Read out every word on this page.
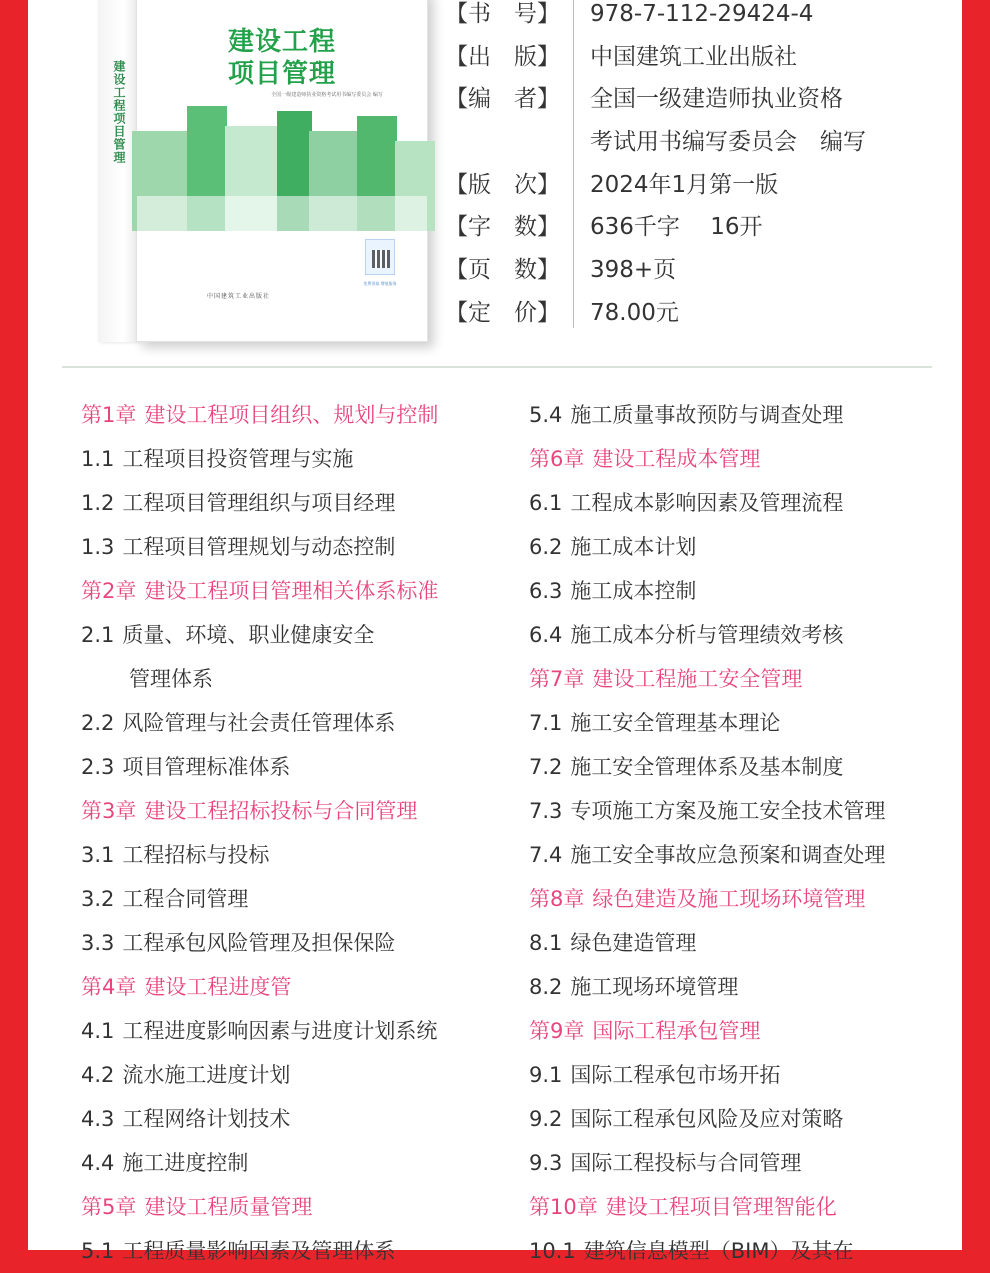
建设工程项目管理
建设工程
项目管理
全国一级建造师执业资格考试用书编写委员会 编写
免费领取 增值服务
中国建筑工业出版社
【书　号】 978-7-112-29424-4
【出　版】 中国建筑工业出版社
【编　者】 全国一级建造师执业资格
考试用书编写委员会　编写
【版　次】 2024年1月第一版
【字　数】 636千字　 16开
【页　数】 398+页
【定　价】 78.00元
第1章 建设工程项目组织、规划与控制
1.1 工程项目投资管理与实施
1.2 工程项目管理组织与项目经理
1.3 工程项目管理规划与动态控制
第2章 建设工程项目管理相关体系标准
2.1 质量、环境、职业健康安全
管理体系
2.2 风险管理与社会责任管理体系
2.3 项目管理标准体系
第3章 建设工程招标投标与合同管理
3.1 工程招标与投标
3.2 工程合同管理
3.3 工程承包风险管理及担保保险
第4章 建设工程进度管
4.1 工程进度影响因素与进度计划系统
4.2 流水施工进度计划
4.3 工程网络计划技术
4.4 施工进度控制
第5章 建设工程质量管理
5.1 工程质量影响因素及管理体系
5.4 施工质量事故预防与调查处理
第6章 建设工程成本管理
6.1 工程成本影响因素及管理流程
6.2 施工成本计划
6.3 施工成本控制
6.4 施工成本分析与管理绩效考核
第7章 建设工程施工安全管理
7.1 施工安全管理基本理论
7.2 施工安全管理体系及基本制度
7.3 专项施工方案及施工安全技术管理
7.4 施工安全事故应急预案和调查处理
第8章 绿色建造及施工现场环境管理
8.1 绿色建造管理
8.2 施工现场环境管理
第9章 国际工程承包管理
9.1 国际工程承包市场开拓
9.2 国际工程承包风险及应对策略
9.3 国际工程投标与合同管理
第10章 建设工程项目管理智能化
10.1 建筑信息模型（BIM）及其在
